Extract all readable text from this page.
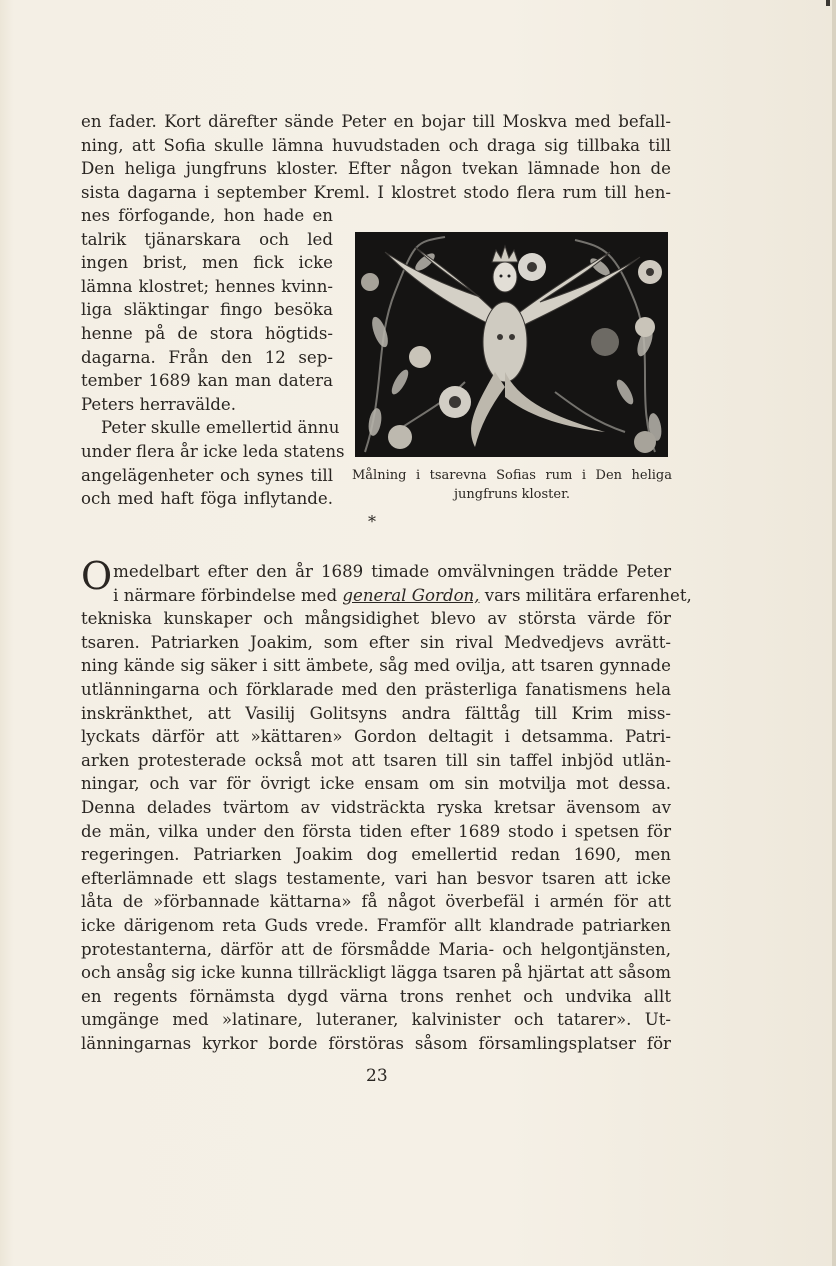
en fader. Kort därefter sände Peter en bojar till Moskva med befall-
ning, att Sofia skulle lämna huvudstaden och draga sig tillbaka till
Den heliga jungfruns kloster. Efter någon tvekan lämnade hon de
sista dagarna i september Kreml. I klostret stodo flera rum till hen-
nes förfogande, hon hade en
talrik tjänarskara och led
ingen brist, men fick icke
lämna klostret; hennes kvinn-
liga släktingar fingo besöka
henne på de stora högtids-
dagarna. Från den 12 sep-
tember 1689 kan man datera
Peters herravälde.
Peter skulle emellertid ännu
under flera år icke leda statens
angelägenheter och synes till
och med haft föga inflytande.
Målning i tsarevna Sofias rum i Den heliga
jungfruns kloster.
*
Omedelbart efter den år 1689 timade omvälvningen trädde Peter
i närmare förbindelse med general Gordon, vars militära erfarenhet,
tekniska kunskaper och mångsidighet blevo av största värde för
tsaren. Patriarken Joakim, som efter sin rival Medvedjevs avrätt-
ning kände sig säker i sitt ämbete, såg med ovilja, att tsaren gynnade
utlänningarna och förklarade med den prästerliga fanatismens hela
inskränkthet, att Vasilij Golitsyns andra fälttåg till Krim miss-
lyckats därför att »kättaren» Gordon deltagit i detsamma. Patri-
arken protesterade också mot att tsaren till sin taffel inbjöd utlän-
ningar, och var för övrigt icke ensam om sin motvilja mot dessa.
Denna delades tvärtom av vidsträckta ryska kretsar ävensom av
de män, vilka under den första tiden efter 1689 stodo i spetsen för
regeringen. Patriarken Joakim dog emellertid redan 1690, men
efterlämnade ett slags testamente, vari han besvor tsaren att icke
låta de »förbannade kättarna» få något överbefäl i armén för att
icke därigenom reta Guds vrede. Framför allt klandrade patriarken
protestanterna, därför att de försmådde Maria- och helgontjänsten,
och ansåg sig icke kunna tillräckligt lägga tsaren på hjärtat att såsom
en regents förnämsta dygd värna trons renhet och undvika allt
umgänge med »latinare, luteraner, kalvinister och tatarer». Ut-
länningarnas kyrkor borde förstöras såsom församlingsplatser för
23
